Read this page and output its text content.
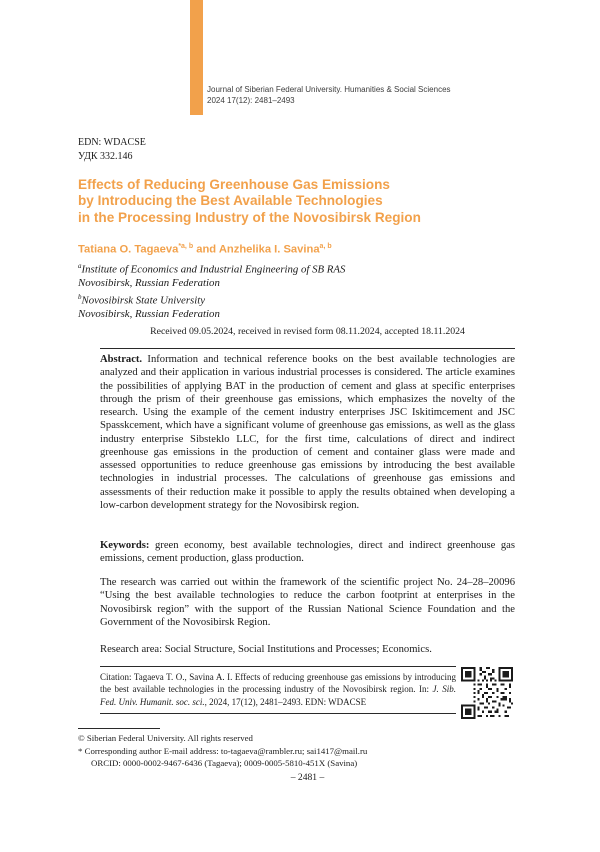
Journal of Siberian Federal University. Humanities & Social Sciences
2024 17(12): 2481–2493
EDN: WDACSE
УДК 332.146
Effects of Reducing Greenhouse Gas Emissions
by Introducing the Best Available Technologies
in the Processing Industry of the Novosibirsk Region
Tatiana O. Tagaeva$^{*a, b}$ and Anzhelika I. Savina$^{a, b}$
$^a$Institute of Economics and Industrial Engineering of SB RAS
Novosibirsk, Russian Federation
$^b$Novosibirsk State University
Novosibirsk, Russian Federation
Received 09.05.2024, received in revised form 08.11.2024, accepted 18.11.2024
Abstract. Information and technical reference books on the best available technologies are analyzed and their application in various industrial processes is considered. The article examines the possibilities of applying BAT in the production of cement and glass at specific enterprises through the prism of their greenhouse gas emissions, which emphasizes the novelty of the research. Using the example of the cement industry enterprises JSC Iskitimcement and JSC Spasskcement, which have a significant volume of greenhouse gas emissions, as well as the glass industry enterprise Sibsteklo LLC, for the first time, calculations of direct and indirect greenhouse gas emissions in the production of cement and container glass were made and assessed opportunities to reduce greenhouse gas emissions by introducing the best available technologies in industrial processes. The calculations of greenhouse gas emissions and assessments of their reduction make it possible to apply the results obtained when developing a low-carbon development strategy for the Novosibirsk region.
Keywords: green economy, best available technologies, direct and indirect greenhouse gas emissions, cement production, glass production.
The research was carried out within the framework of the scientific project No. 24–28–20096 “Using the best available technologies to reduce the carbon footprint at enterprises in the Novosibirsk region” with the support of the Russian National Science Foundation and the Government of the Novosibirsk Region.
Research area: Social Structure, Social Institutions and Processes; Economics.
Citation: Tagaeva T. O., Savina A. I. Effects of reducing greenhouse gas emissions by introducing the best available technologies in the processing industry of the Novosibirsk region. In: J. Sib. Fed. Univ. Humanit. soc. sci., 2024, 17(12), 2481–2493. EDN: WDACSE
© Siberian Federal University. All rights reserved
* Corresponding author E-mail address: to-tagaeva@rambler.ru; sai1417@mail.ru
ORCID: 0000-0002-9467-6436 (Tagaeva); 0009-0005-5810-451X (Savina)
– 2481 –
